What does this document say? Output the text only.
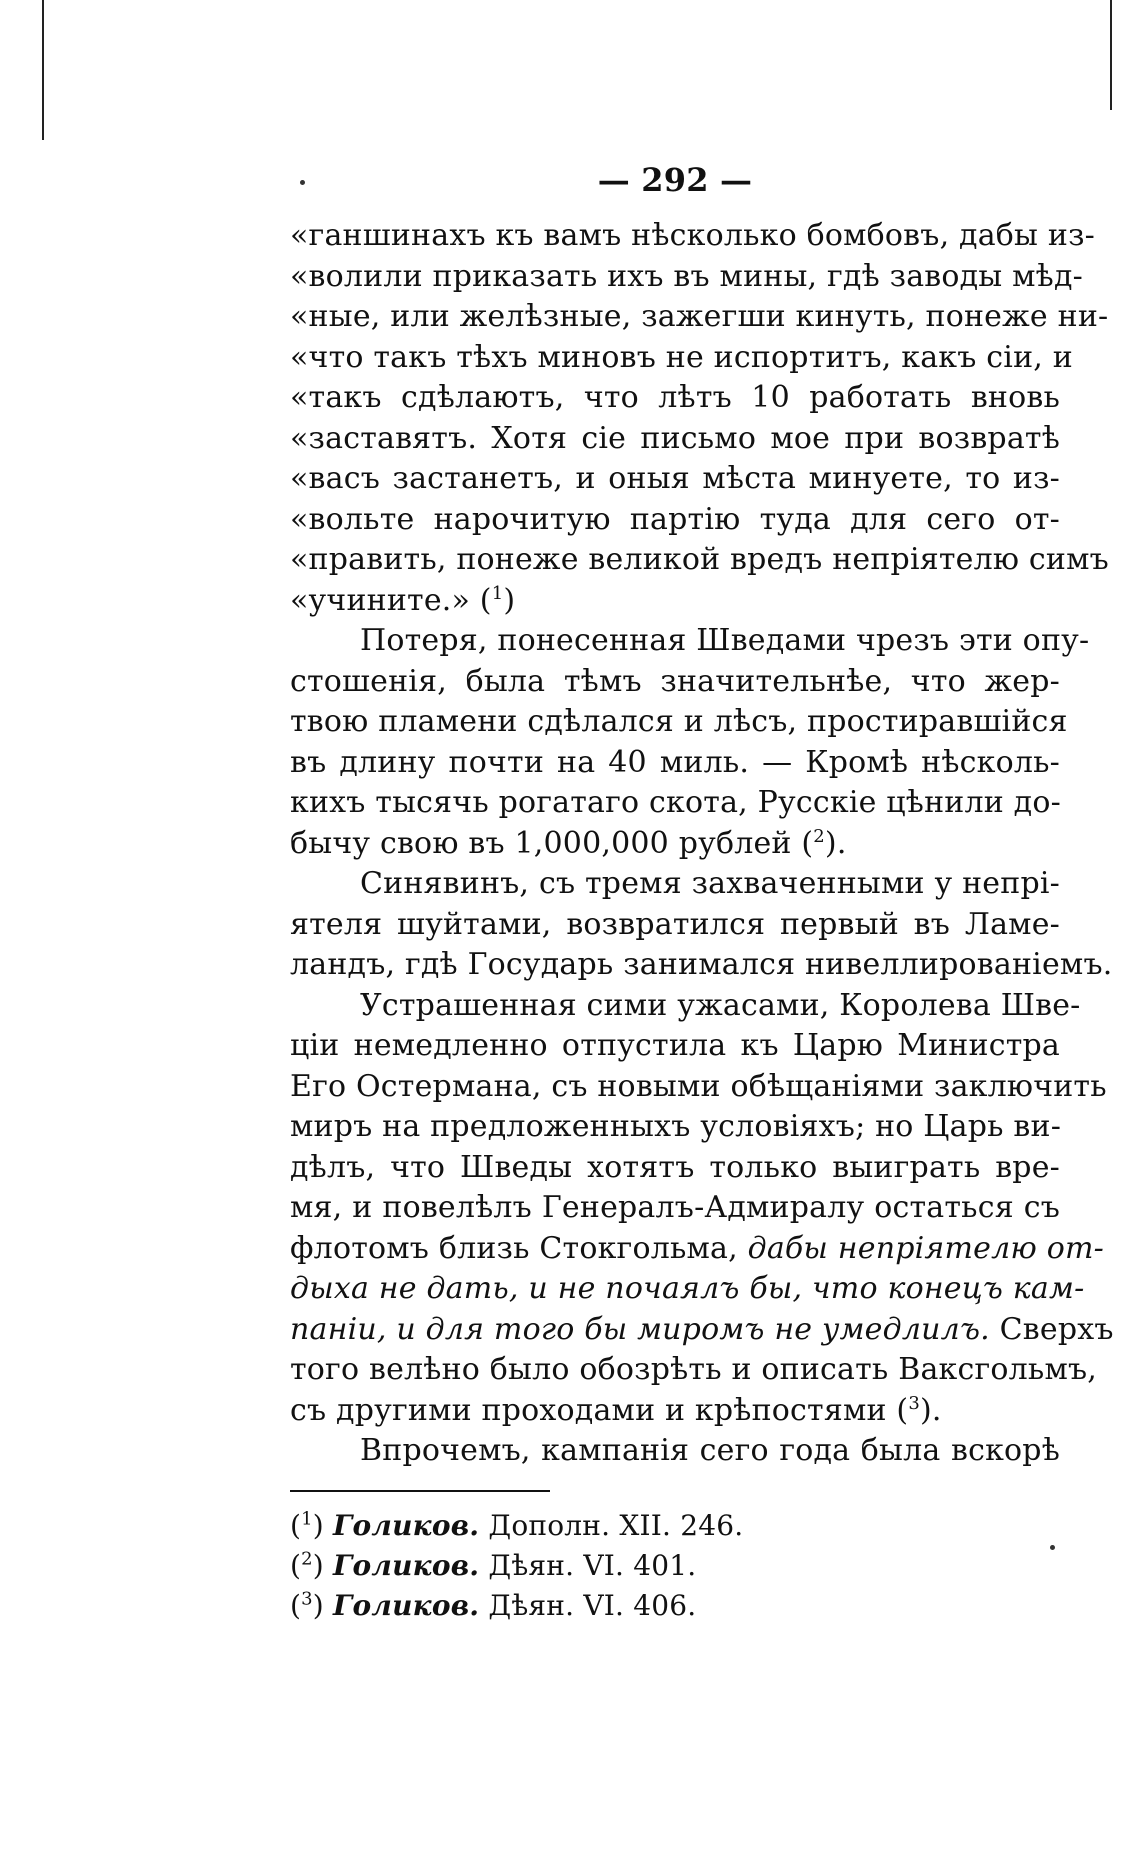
— 292 —
«ганшинахъ къ вамъ нѣсколько бомбовъ, дабы из-
«волили приказать ихъ въ мины, гдѣ заводы мѣд-
«ные, или желѣзные, зажегши кинуть, понеже ни-
«что такъ тѣхъ миновъ не испортитъ, какъ сіи, и
«такъ сдѣлаютъ, что лѣтъ 10 работать вновь
«заставятъ. Хотя сіе письмо мое при возвратѣ
«васъ застанетъ, и оныя мѣста минуете, то из-
«вольте нарочитую партію туда для сего от-
«править, понеже великой вредъ непріятелю симъ
«учините.» ($^1$)
Потеря, понесенная Шведами чрезъ эти опу-
стошенія, была тѣмъ значительнѣе, что жер-
твою пламени сдѣлался и лѣсъ, простиравшійся
въ длину почти на 40 миль. — Кромѣ нѣсколь-
кихъ тысячь рогатаго скота, Русскіе цѣнили до-
бычу свою въ 1,000,000 рублей ($^2$).
Синявинъ, съ тремя захваченными у непрі-
ятеля шуйтами, возвратился первый въ Ламе-
ландъ, гдѣ Государь занимался нивеллированіемъ.
Устрашенная сими ужасами, Королева Шве-
ціи немедленно отпустила къ Царю Министра
Его Остермана, съ новыми обѣщаніями заключить
миръ на предложенныхъ условіяхъ; но Царь ви-
дѣлъ, что Шведы хотятъ только выиграть вре-
мя, и повелѣлъ Генералъ-Адмиралу остаться съ
флотомъ близь Стокгольма, дабы непріятелю от-
дыха не дать, и не почаялъ бы, что конецъ кам-
паніи, и для того бы миромъ не умедлилъ. Сверхъ
того велѣно было обозрѣть и описать Ваксгольмъ,
съ другими проходами и крѣпостями ($^3$).
Впрочемъ, кампанія сего года была вскорѣ
($^1$) Голиков. Дополн. XII. 246.
($^2$) Голиков. Дѣян. VI. 401.
($^3$) Голиков. Дѣян. VI. 406.
